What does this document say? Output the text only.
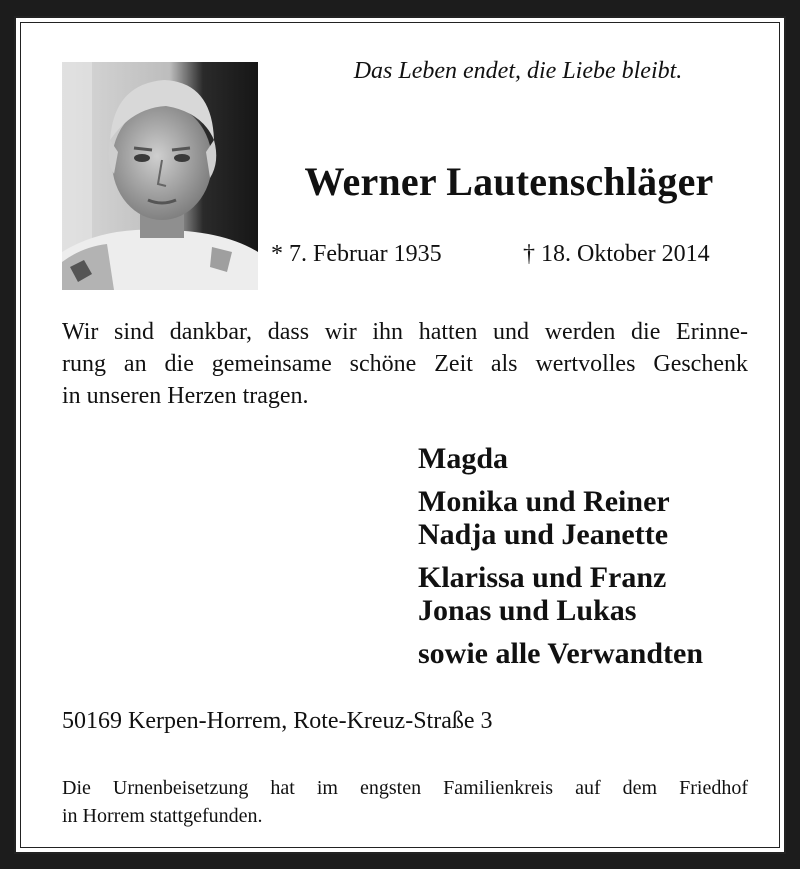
Das Leben endet, die Liebe bleibt.
Werner Lautenschläger
* 7. Februar 1935	† 18. Oktober 2014
Wir sind dankbar, dass wir ihn hatten und werden die Erinne-
rung an die gemeinsame schöne Zeit als wertvolles Geschenk
in unseren Herzen tragen.
Magda
Monika und Reiner
Nadja und Jeanette
Klarissa und Franz
Jonas und Lukas
sowie alle Verwandten
50169 Kerpen-Horrem, Rote-Kreuz-Straße 3
Die Urnenbeisetzung hat im engsten Familienkreis auf dem Friedhof
in Horrem stattgefunden.
